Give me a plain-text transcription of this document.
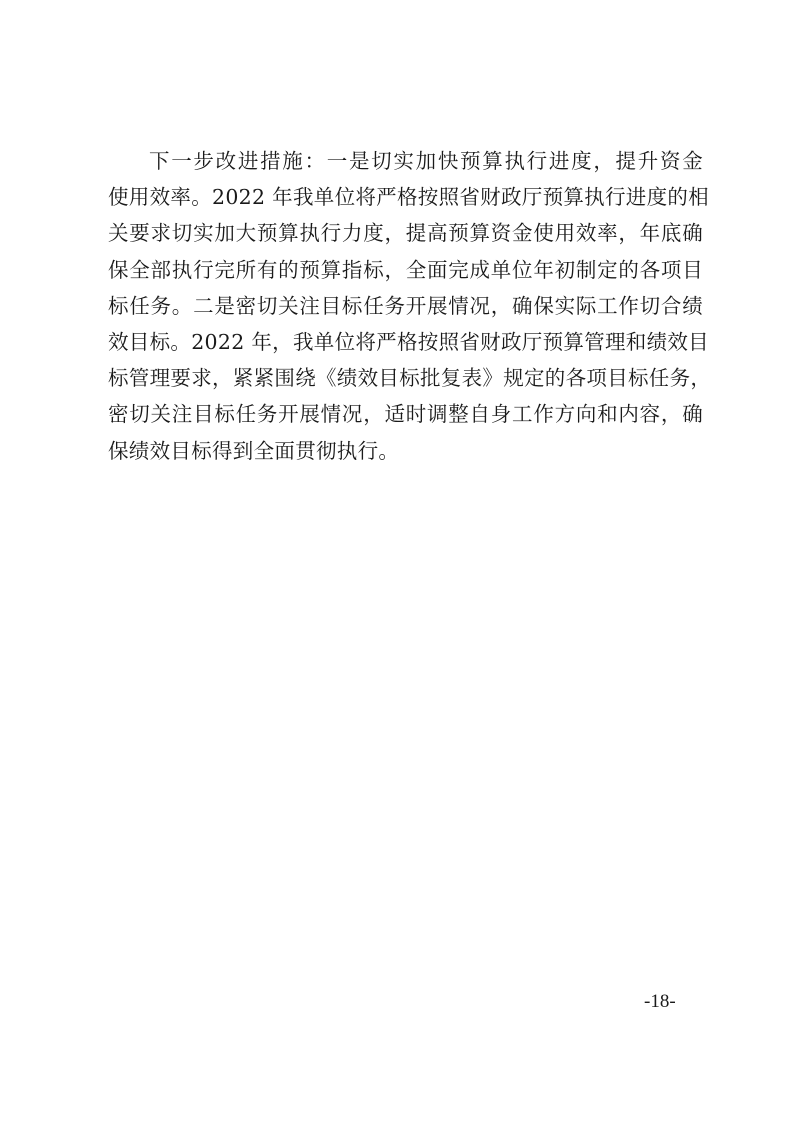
下一步改进措施：一是切实加快预算执行进度，提升资金
使用效率。2022 年我单位将严格按照省财政厅预算执行进度的相
关要求切实加大预算执行力度，提高预算资金使用效率，年底确
保全部执行完所有的预算指标，全面完成单位年初制定的各项目
标任务。二是密切关注目标任务开展情况，确保实际工作切合绩
效目标。2022 年，我单位将严格按照省财政厅预算管理和绩效目
标管理要求，紧紧围绕《绩效目标批复表》规定的各项目标任务，
密切关注目标任务开展情况，适时调整自身工作方向和内容，确
保绩效目标得到全面贯彻执行。
-18-
